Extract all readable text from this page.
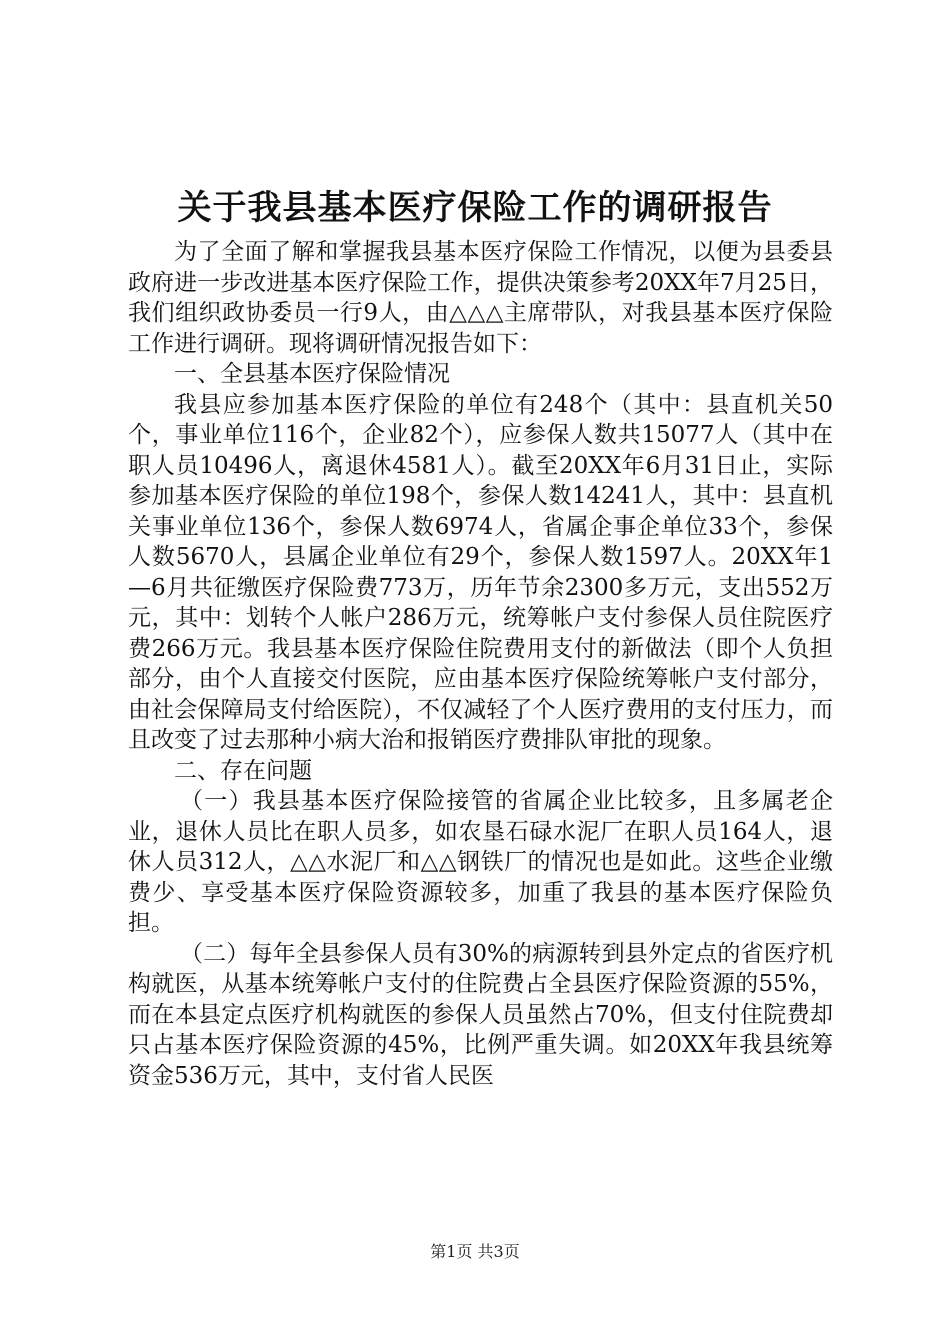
关于我县基本医疗保险工作的调研报告

为了全面了解和掌握我县基本医疗保险工作情况，以便为县委县政府进一步改进基本医疗保险工作，提供决策参考20XX年7月25日，我们组织政协委员一行9人，由△△△主席带队，对我县基本医疗保险工作进行调研。现将调研情况报告如下：

一、全县基本医疗保险情况

我县应参加基本医疗保险的单位有248个（其中：县直机关50个，事业单位116个，企业82个），应参保人数共15077人（其中在职人员10496人，离退休4581人）。截至20XX年6月31日止，实际参加基本医疗保险的单位198个，参保人数14241人，其中：县直机关事业单位136个，参保人数6974人，省属企事企单位33个，参保人数5670人，县属企业单位有29个，参保人数1597人。20XX年1—6月共征缴医疗保险费773万，历年节余2300多万元，支出552万元，其中：划转个人帐户286万元，统筹帐户支付参保人员住院医疗费266万元。我县基本医疗保险住院费用支付的新做法（即个人负担部分，由个人直接交付医院，应由基本医疗保险统筹帐户支付部分，由社会保障局支付给医院），不仅减轻了个人医疗费用的支付压力，而且改变了过去那种小病大治和报销医疗费排队审批的现象。

二、存在问题

（一）我县基本医疗保险接管的省属企业比较多，且多属老企业，退休人员比在职人员多，如农垦石碌水泥厂在职人员164人，退休人员312人，△△水泥厂和△△钢铁厂的情况也是如此。这些企业缴费少、享受基本医疗保险资源较多，加重了我县的基本医疗保险负担。

（二）每年全县参保人员有30%的病源转到县外定点的省医疗机构就医，从基本统筹帐户支付的住院费占全县医疗保险资源的55%，而在本县定点医疗机构就医的参保人员虽然占70%，但支付住院费却只占基本医疗保险资源的45%，比例严重失调。如20XX年我县统筹资金536万元，其中，支付省人民医

第1页 共3页
